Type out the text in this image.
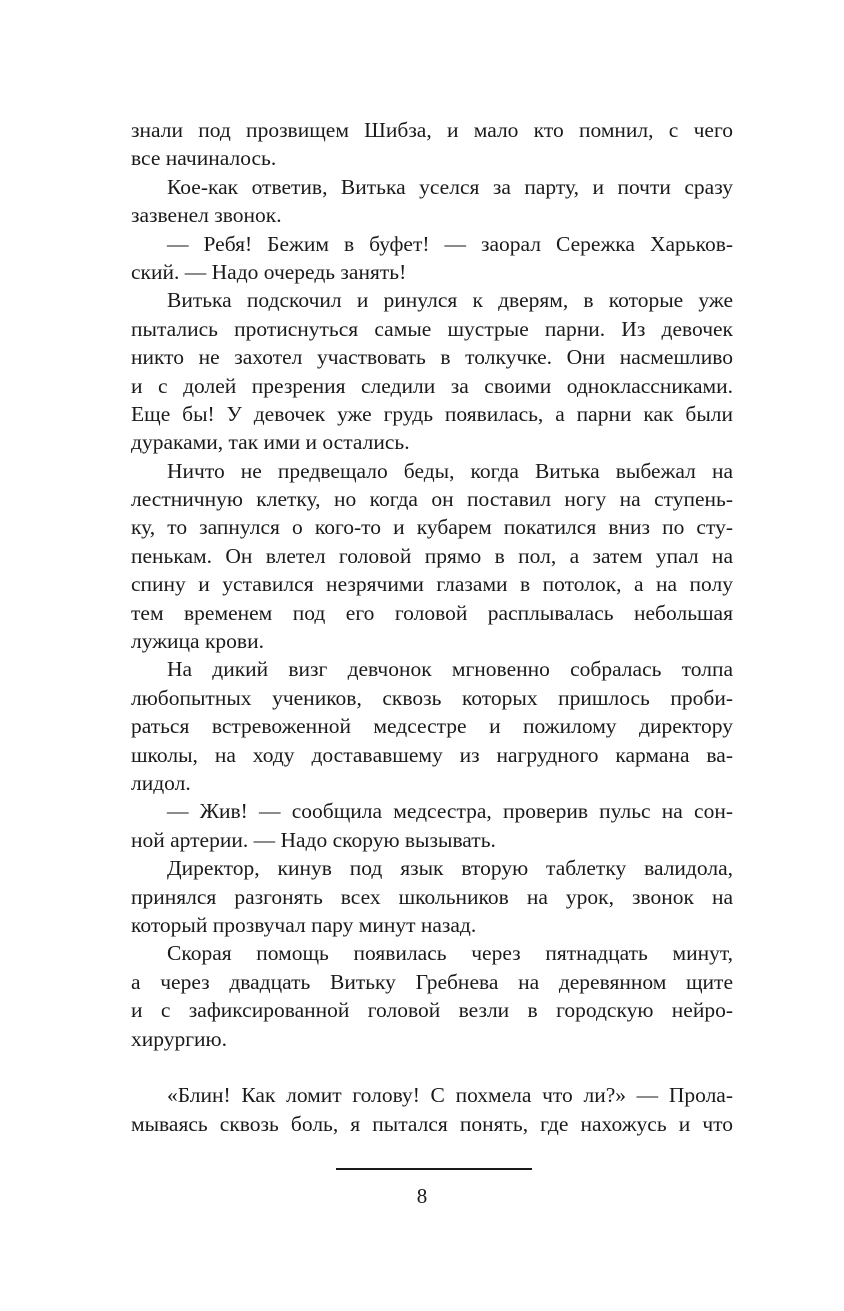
знали под прозвищем Шибза, и мало кто помнил, с чего
все начиналось.
Кое-как ответив, Витька уселся за парту, и почти сразу
зазвенел звонок.
— Ребя! Бежим в буфет! — заорал Сережка Харьков-
ский. — Надо очередь занять!
Витька подскочил и ринулся к дверям, в которые уже
пытались протиснуться самые шустрые парни. Из девочек
никто не захотел участвовать в толкучке. Они насмешливо
и с долей презрения следили за своими одноклассниками.
Еще бы! У девочек уже грудь появилась, а парни как были
дураками, так ими и остались.
Ничто не предвещало беды, когда Витька выбежал на
лестничную клетку, но когда он поставил ногу на ступень-
ку, то запнулся о кого-то и кубарем покатился вниз по сту-
пенькам. Он влетел головой прямо в пол, а затем упал на
спину и уставился незрячими глазами в потолок, а на полу
тем временем под его головой расплывалась небольшая
лужица крови.
На дикий визг девчонок мгновенно собралась толпа
любопытных учеников, сквозь которых пришлось проби-
раться встревоженной медсестре и пожилому директору
школы, на ходу доставaвшему из нагрудного кармана ва-
лидол.
— Жив! — сообщила медсестра, проверив пульс на сон-
ной артерии. — Надо скорую вызывать.
Директор, кинув под язык вторую таблетку валидола,
принялся разгонять всех школьников на урок, звонок на
который прозвучал пару минут назад.
Скорая помощь появилась через пятнадцать минут,
а через двадцать Витьку Гребнева на деревянном щите
и с зафиксированной головой везли в городскую нейро-
хирургию.
«Блин! Как ломит голову! С похмела что ли?» — Прола-
мываясь сквозь боль, я пытался понять, где нахожусь и что
8
